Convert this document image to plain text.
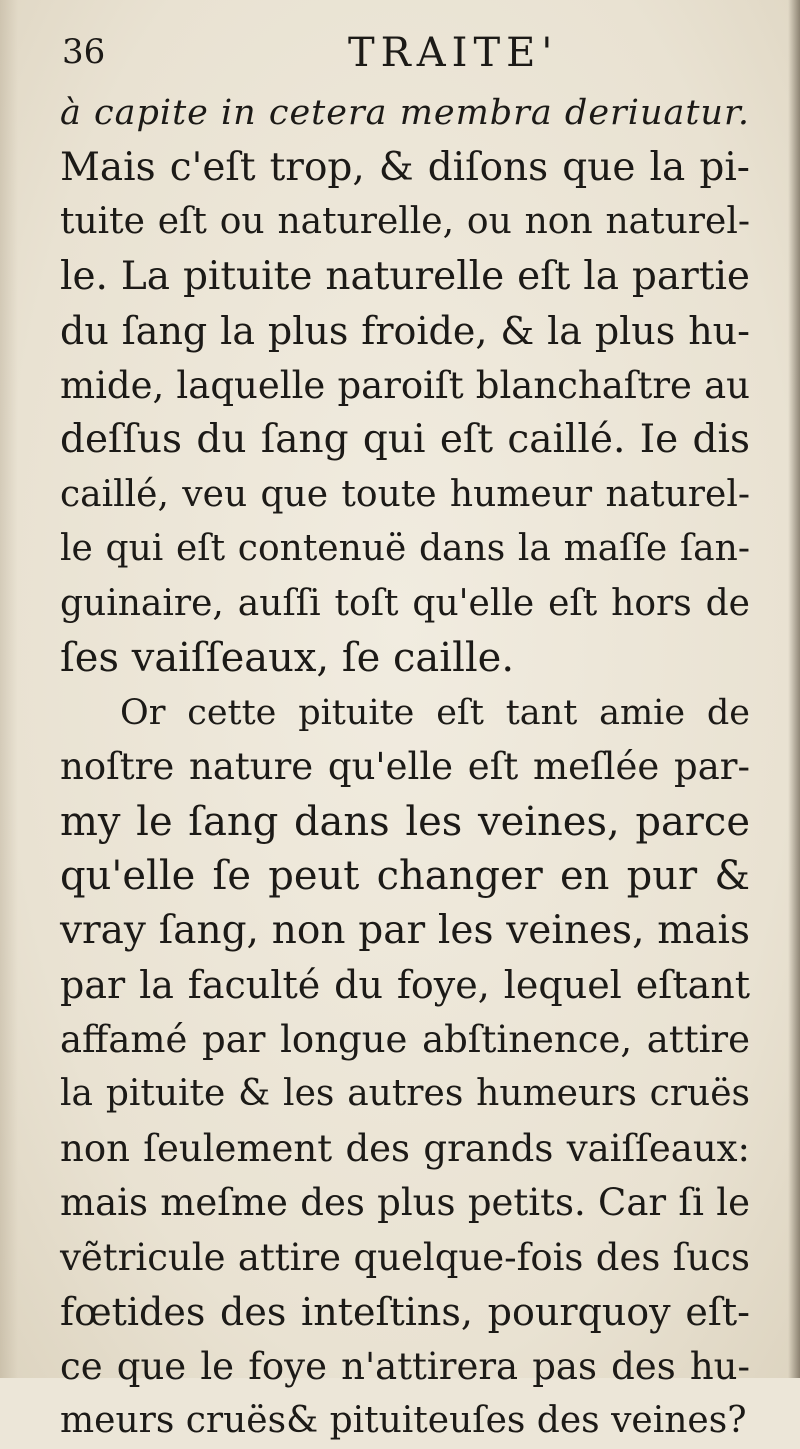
36	TRAITE'
à capite in cetera membra deriuatur.
Mais c'eſt trop, & diſons que la pi-
tuite eſt ou naturelle, ou non naturel-
le. La pituite naturelle eſt la partie
du ſang la plus froide, & la plus hu-
mide, laquelle paroiſt blanchaſtre au
deſſus du ſang qui eſt caillé. Ie dis
caillé, veu que toute humeur naturel-
le qui eſt contenuë dans la maſſe ſan-
guinaire, auſſi toſt qu'elle eſt hors de
ſes vaiſſeaux, ſe caille.
Or cette pituite eſt tant amie de
noſtre nature qu'elle eſt meſlée par-
my le ſang dans les veines, parce
qu'elle ſe peut changer en pur &
vray ſang, non par les veines, mais
par la faculté du foye, lequel eſtant
affamé par longue abſtinence, attire
la pituite & les autres humeurs cruës
non ſeulement des grands vaiſſeaux:
mais meſme des plus petits. Car ſi le
vẽtricule attire quelque-fois des ſucs
fœtides des inteſtins, pourquoy eſt-
ce que le foye n'attirera pas des hu-
meurs cruës& pituiteuſes des veines?
